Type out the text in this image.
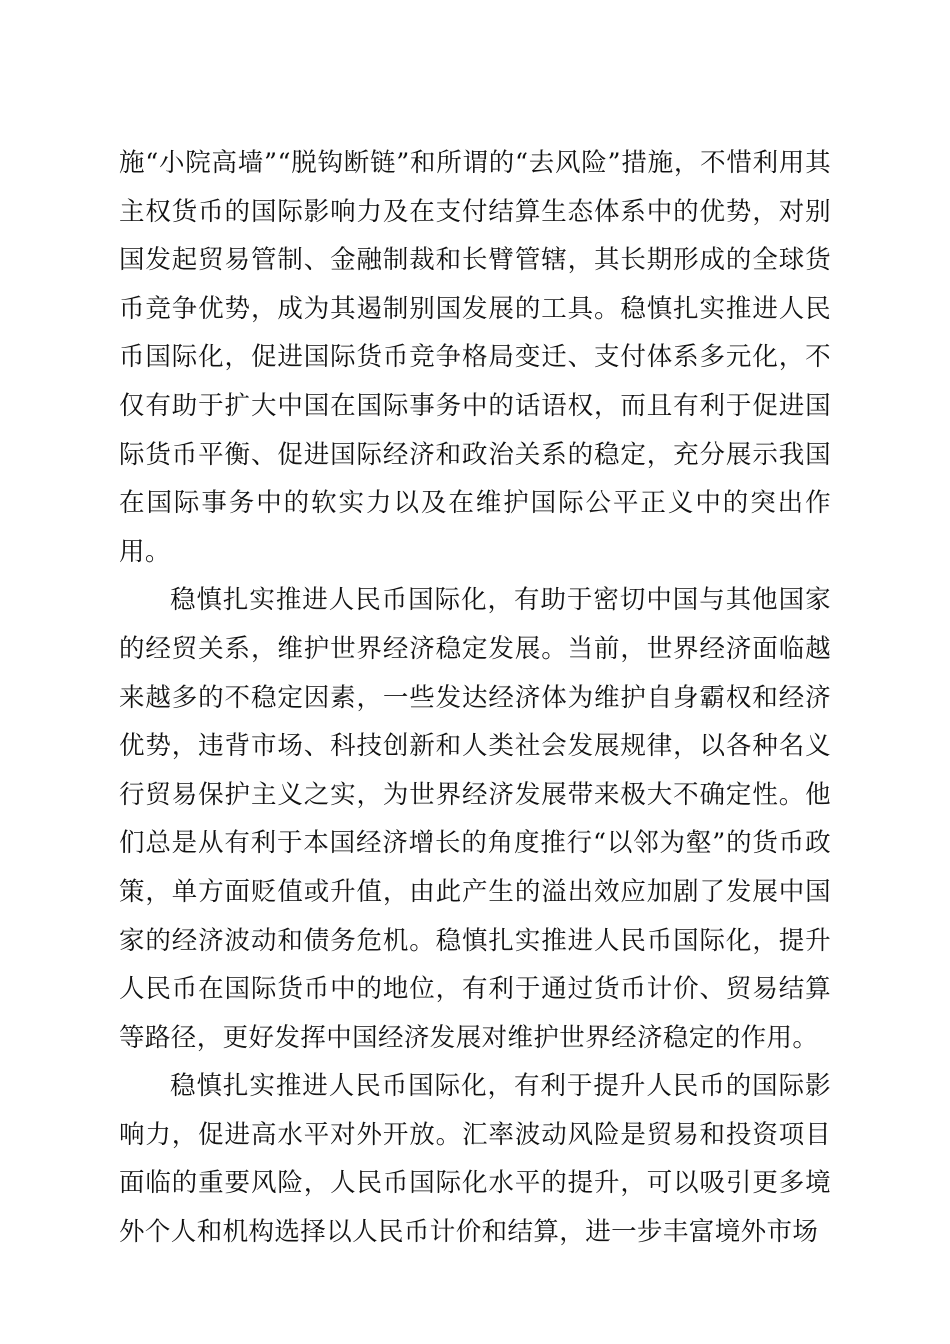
施“小院高墙”“脱钩断链”和所谓的“去风险”措施，不惜利用其主权货币的国际影响力及在支付结算生态体系中的优势，对别国发起贸易管制、金融制裁和长臂管辖，其长期形成的全球货币竞争优势，成为其遏制别国发展的工具。稳慎扎实推进人民币国际化，促进国际货币竞争格局变迁、支付体系多元化，不仅有助于扩大中国在国际事务中的话语权，而且有利于促进国际货币平衡、促进国际经济和政治关系的稳定，充分展示我国在国际事务中的软实力以及在维护国际公平正义中的突出作用。

稳慎扎实推进人民币国际化，有助于密切中国与其他国家的经贸关系，维护世界经济稳定发展。当前，世界经济面临越来越多的不稳定因素，一些发达经济体为维护自身霸权和经济优势，违背市场、科技创新和人类社会发展规律，以各种名义行贸易保护主义之实，为世界经济发展带来极大不确定性。他们总是从有利于本国经济增长的角度推行“以邻为壑”的货币政策，单方面贬值或升值，由此产生的溢出效应加剧了发展中国家的经济波动和债务危机。稳慎扎实推进人民币国际化，提升人民币在国际货币中的地位，有利于通过货币计价、贸易结算等路径，更好发挥中国经济发展对维护世界经济稳定的作用。

稳慎扎实推进人民币国际化，有利于提升人民币的国际影响力，促进高水平对外开放。汇率波动风险是贸易和投资项目面临的重要风险，人民币国际化水平的提升，可以吸引更多境外个人和机构选择以人民币计价和结算，进一步丰富境外市场
